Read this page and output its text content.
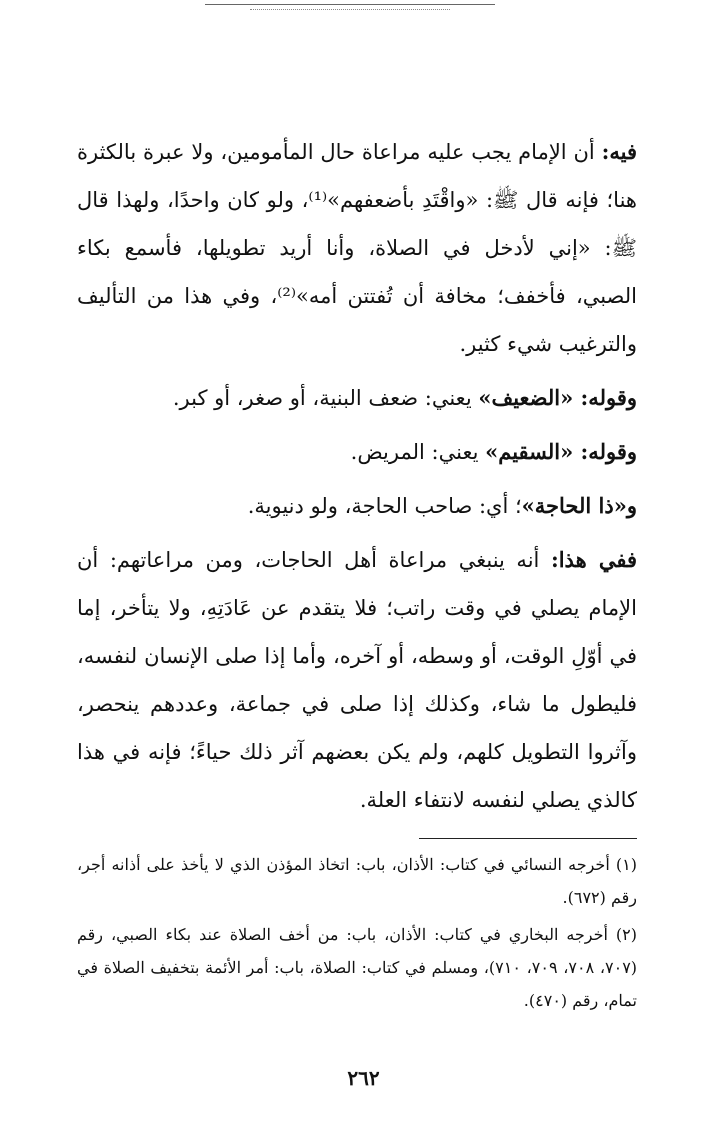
فيه: أن الإمام يجب عليه مراعاة حال المأمومين، ولا عبرة بالكثرة هنا؛ فإنه قال ﷺ: «واقْتَدِ بأضعفهم»⁽¹⁾، ولو كان واحدًا، ولهذا قال ﷺ: «إني لأدخل في الصلاة، وأنا أريد تطويلها، فأسمع بكاء الصبي، فأخفف؛ مخافة أن تُفتتن أمه»⁽²⁾، وفي هذا من التأليف والترغيب شيء كثير.

وقوله: «الضعيف» يعني: ضعف البنية، أو صغر، أو كبر.

وقوله: «السقيم» يعني: المريض.

و«ذا الحاجة»؛ أي: صاحب الحاجة، ولو دنيوية.

ففي هذا: أنه ينبغي مراعاة أهل الحاجات، ومن مراعاتهم: أن الإمام يصلي في وقت راتب؛ فلا يتقدم عن عَادَتِهِ، ولا يتأخر، إما في أوّلِ الوقت، أو وسطه، أو آخره، وأما إذا صلى الإنسان لنفسه، فليطول ما شاء، وكذلك إذا صلى في جماعة، وعددهم ينحصر، وآثروا التطويل كلهم، ولم يكن بعضهم آثر ذلك حياءً؛ فإنه في هذا كالذي يصلي لنفسه لانتفاء العلة.

(١) أخرجه النسائي في كتاب: الأذان، باب: اتخاذ المؤذن الذي لا يأخذ على أذانه أجر، رقم (٦٧٢).

(٢) أخرجه البخاري في كتاب: الأذان، باب: من أخف الصلاة عند بكاء الصبي، رقم (٧٠٧، ٧٠٨، ٧٠٩، ٧١٠)، ومسلم في كتاب: الصلاة، باب: أمر الأئمة بتخفيف الصلاة في تمام، رقم (٤٧٠).

٢٦٢
